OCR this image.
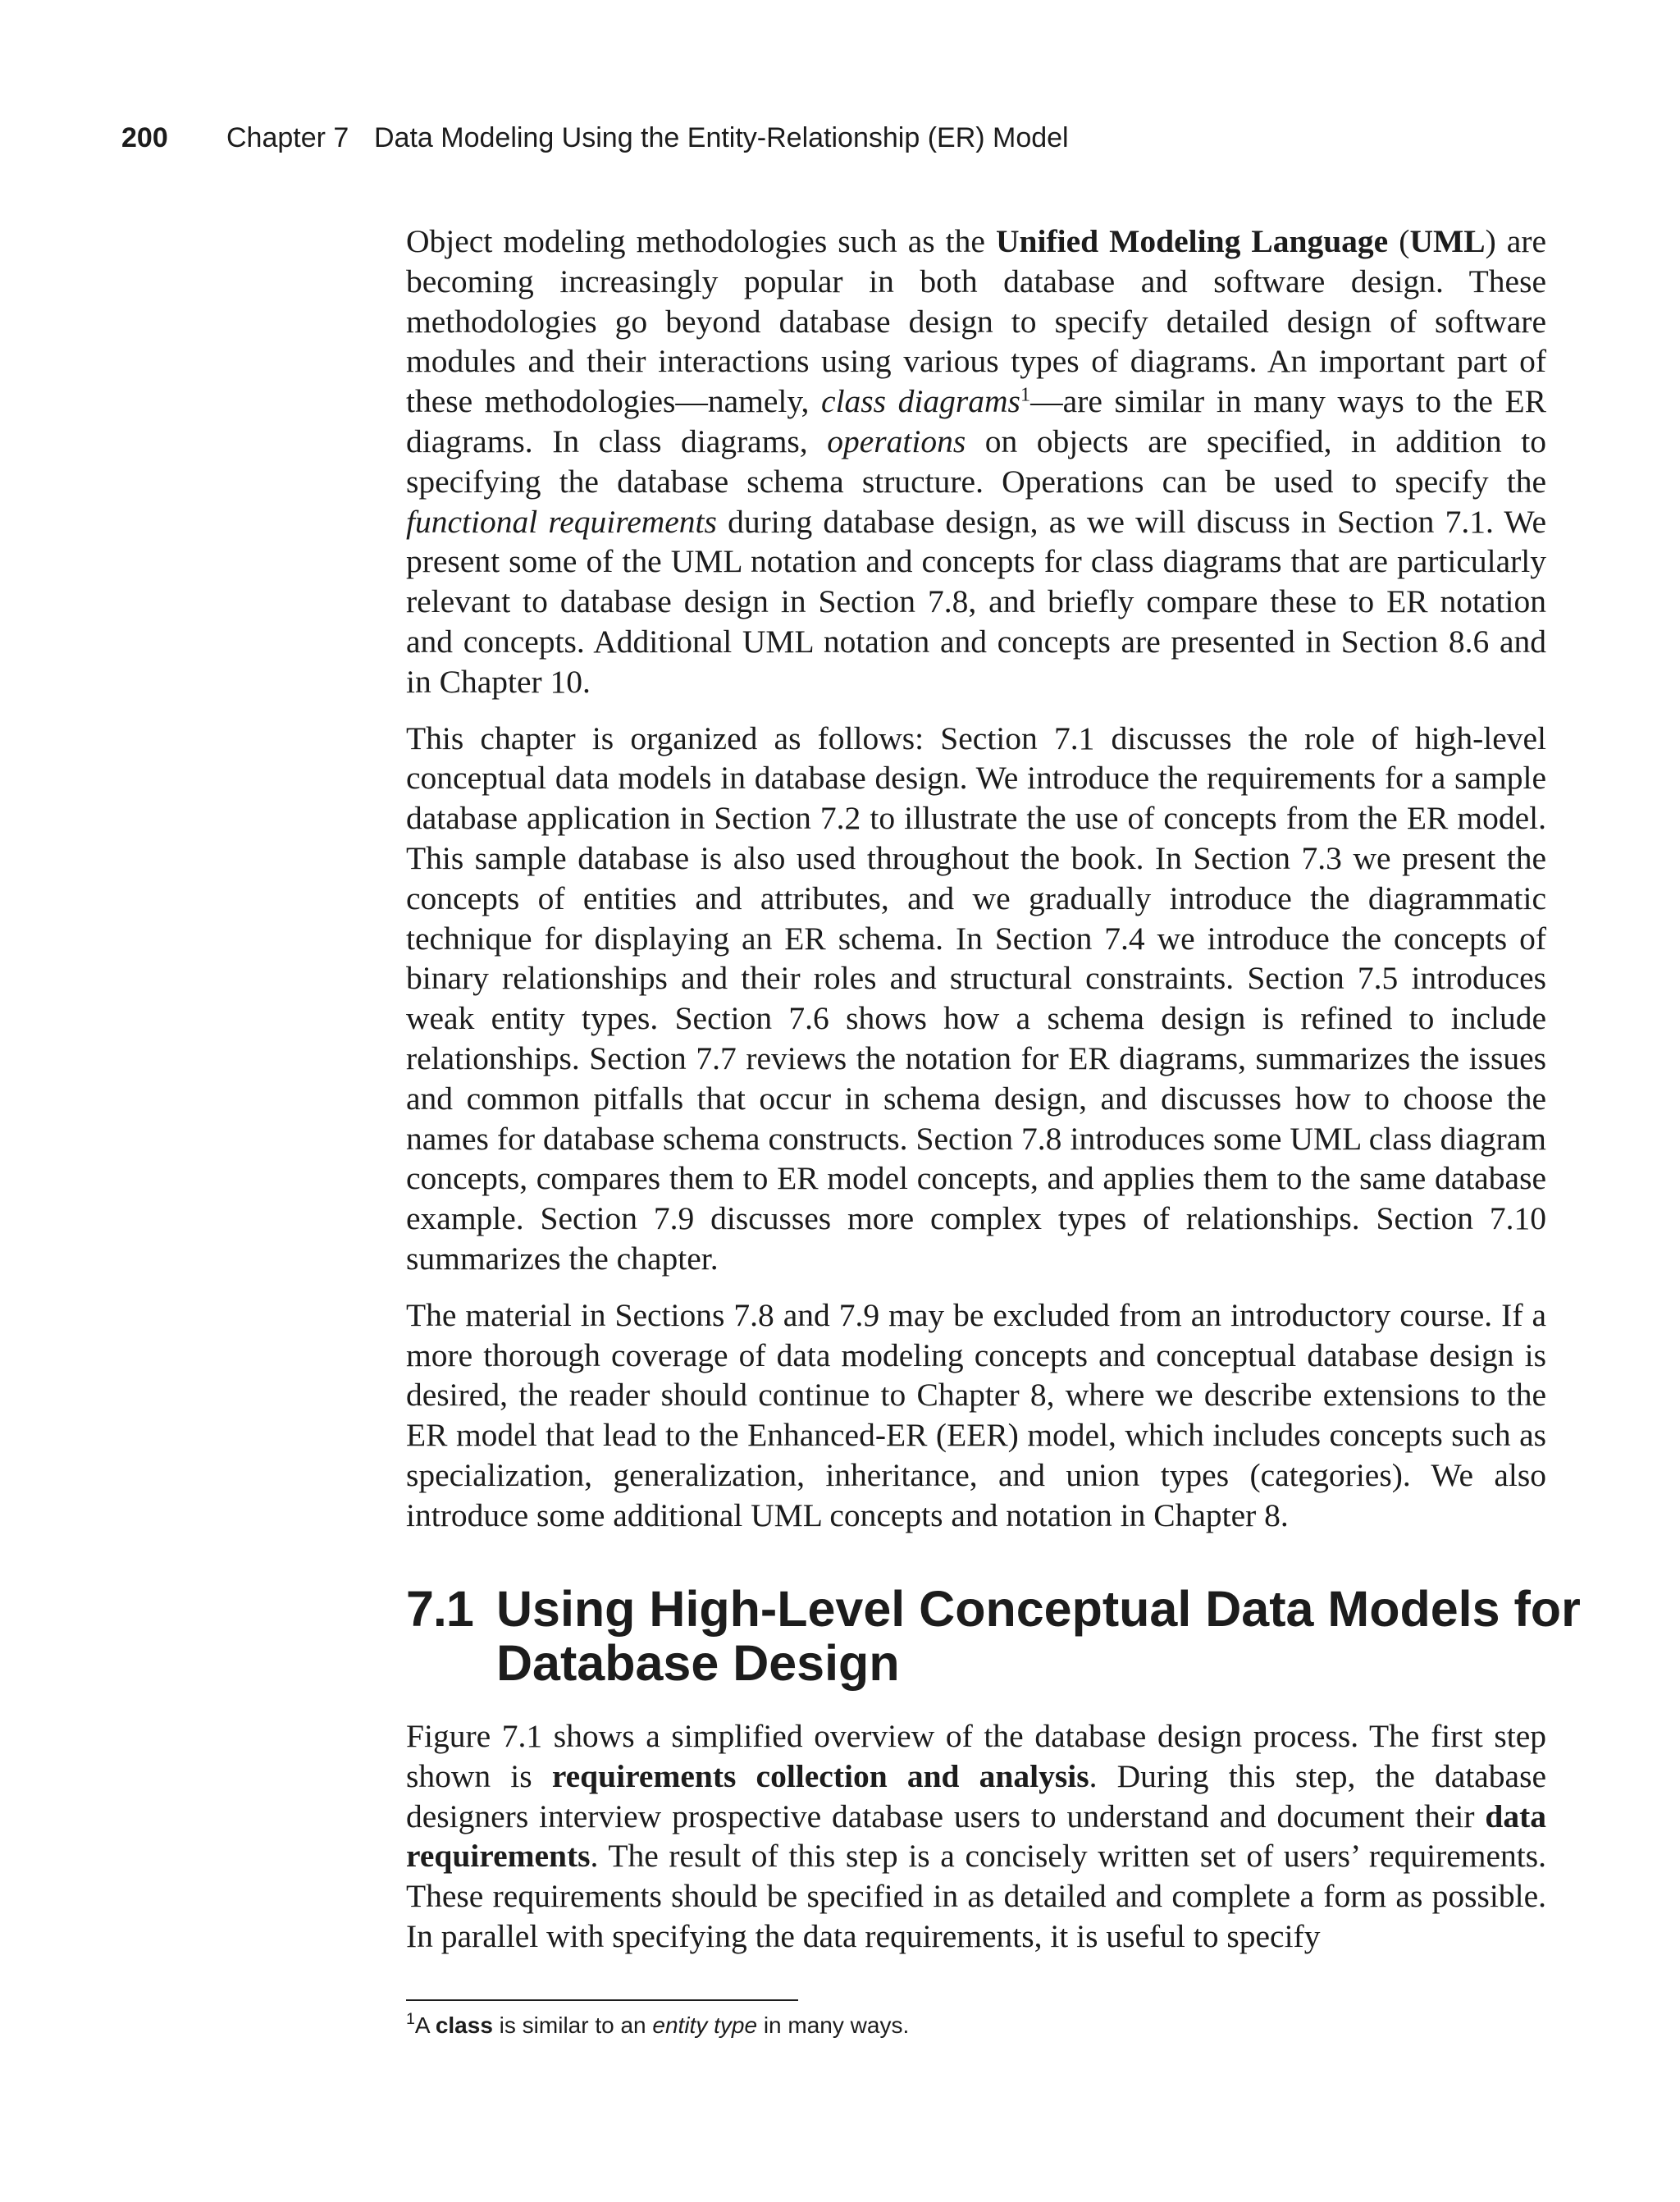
200 Chapter 7 Data Modeling Using the Entity-Relationship (ER) Model

Object modeling methodologies such as the Unified Modeling Language (UML) are becoming increasingly popular in both database and software design. These methodologies go beyond database design to specify detailed design of software modules and their interactions using various types of diagrams. An important part of these methodologies—namely, class diagrams$^1$—are similar in many ways to the ER diagrams. In class diagrams, operations on objects are specified, in addition to specifying the database schema structure. Operations can be used to specify the functional requirements during database design, as we will discuss in Section 7.1. We present some of the UML notation and concepts for class diagrams that are particularly relevant to database design in Section 7.8, and briefly compare these to ER notation and concepts. Additional UML notation and concepts are presented in Section 8.6 and in Chapter 10.

This chapter is organized as follows: Section 7.1 discusses the role of high-level conceptual data models in database design. We introduce the requirements for a sample database application in Section 7.2 to illustrate the use of concepts from the ER model. This sample database is also used throughout the book. In Section 7.3 we present the concepts of entities and attributes, and we gradually introduce the diagrammatic technique for displaying an ER schema. In Section 7.4 we introduce the concepts of binary relationships and their roles and structural constraints. Section 7.5 introduces weak entity types. Section 7.6 shows how a schema design is refined to include relationships. Section 7.7 reviews the notation for ER diagrams, summarizes the issues and common pitfalls that occur in schema design, and discusses how to choose the names for database schema constructs. Section 7.8 introduces some UML class diagram concepts, compares them to ER model concepts, and applies them to the same database example. Section 7.9 discusses more complex types of relationships. Section 7.10 summarizes the chapter.

The material in Sections 7.8 and 7.9 may be excluded from an introductory course. If a more thorough coverage of data modeling concepts and conceptual database design is desired, the reader should continue to Chapter 8, where we describe extensions to the ER model that lead to the Enhanced-ER (EER) model, which includes concepts such as specialization, generalization, inheritance, and union types (categories). We also introduce some additional UML concepts and notation in Chapter 8.

7.1 Using High-Level Conceptual Data Models for Database Design

Figure 7.1 shows a simplified overview of the database design process. The first step shown is requirements collection and analysis. During this step, the database designers interview prospective database users to understand and document their data requirements. The result of this step is a concisely written set of users’ requirements. These requirements should be specified in as detailed and complete a form as possible. In parallel with specifying the data requirements, it is useful to specify

$^1$A class is similar to an entity type in many ways.
